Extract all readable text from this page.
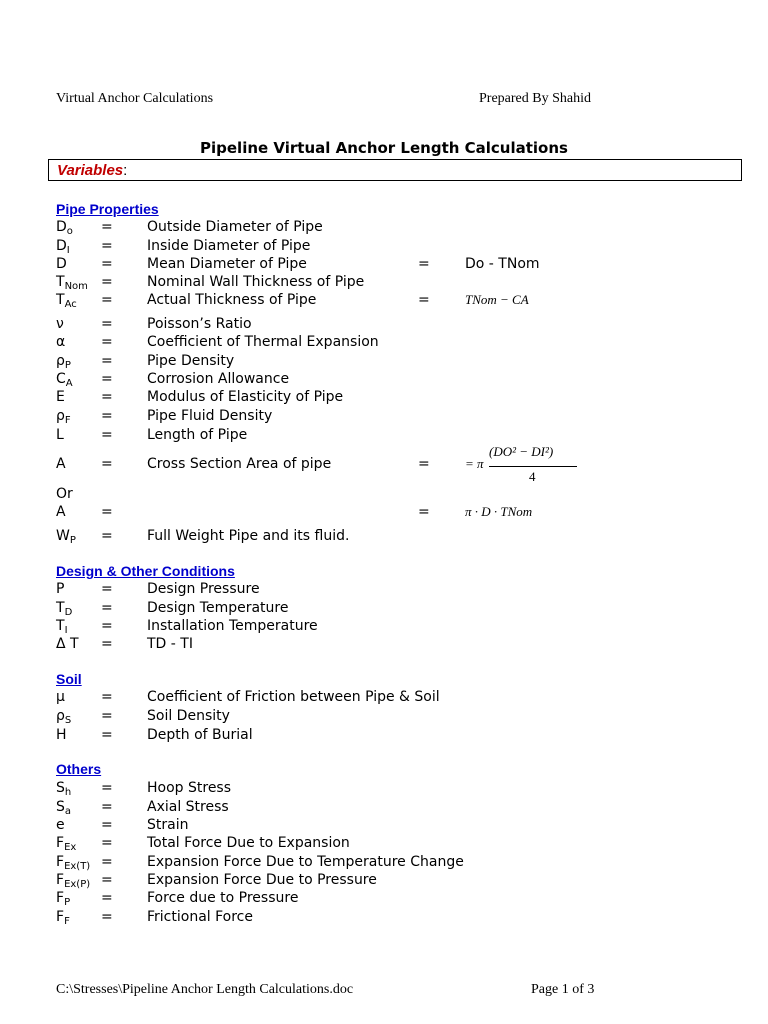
Virtual Anchor Calculations	Prepared By Shahid
Pipeline Virtual Anchor Length Calculations
Variables:
Pipe Properties
$D_o$ = Outside Diameter of Pipe
$D_I$ = Inside Diameter of Pipe
D = Mean Diameter of Pipe	=	Do - TNom
$T_{Nom}$ = Nominal Wall Thickness of Pipe
$T_{Ac}$ = Actual Thickness of Pipe	=	TNom − CA
ν	= Poisson’s Ratio
α	= Coefficient of Thermal Expansion
$\rho_P$ = Pipe Density
$C_A$ = Corrosion Allowance
E	= Modulus of Elasticity of Pipe
$\rho_F$ = Pipe Fluid Density
L	= Length of Pipe
A	= Cross Section Area of pipe	=	= π
(DO² − DI²)
4
Or
A	=	=	π · D · TNom
$W_P$ = Full Weight Pipe and its fluid.
Design & Other Conditions
P	= Design Pressure
$T_D$ = Design Temperature
$T_I$ = Installation Temperature
Δ T = TD - TI
Soil
μ	= Coefficient of Friction between Pipe & Soil
$\rho_S$ = Soil Density
H = Depth of Burial
Others
$S_h$ = Hoop Stress
$S_a$ = Axial Stress
e	= Strain
$F_{Ex}$ = Total Force Due to Expansion
$F_{Ex(T)}$ = Expansion Force Due to Temperature Change
$F_{Ex(P)}$ = Expansion Force Due to Pressure
$F_P$ = Force due to Pressure
$F_F$ = Frictional Force
C:\Stresses\Pipeline Anchor Length Calculations.doc	Page 1 of 3
